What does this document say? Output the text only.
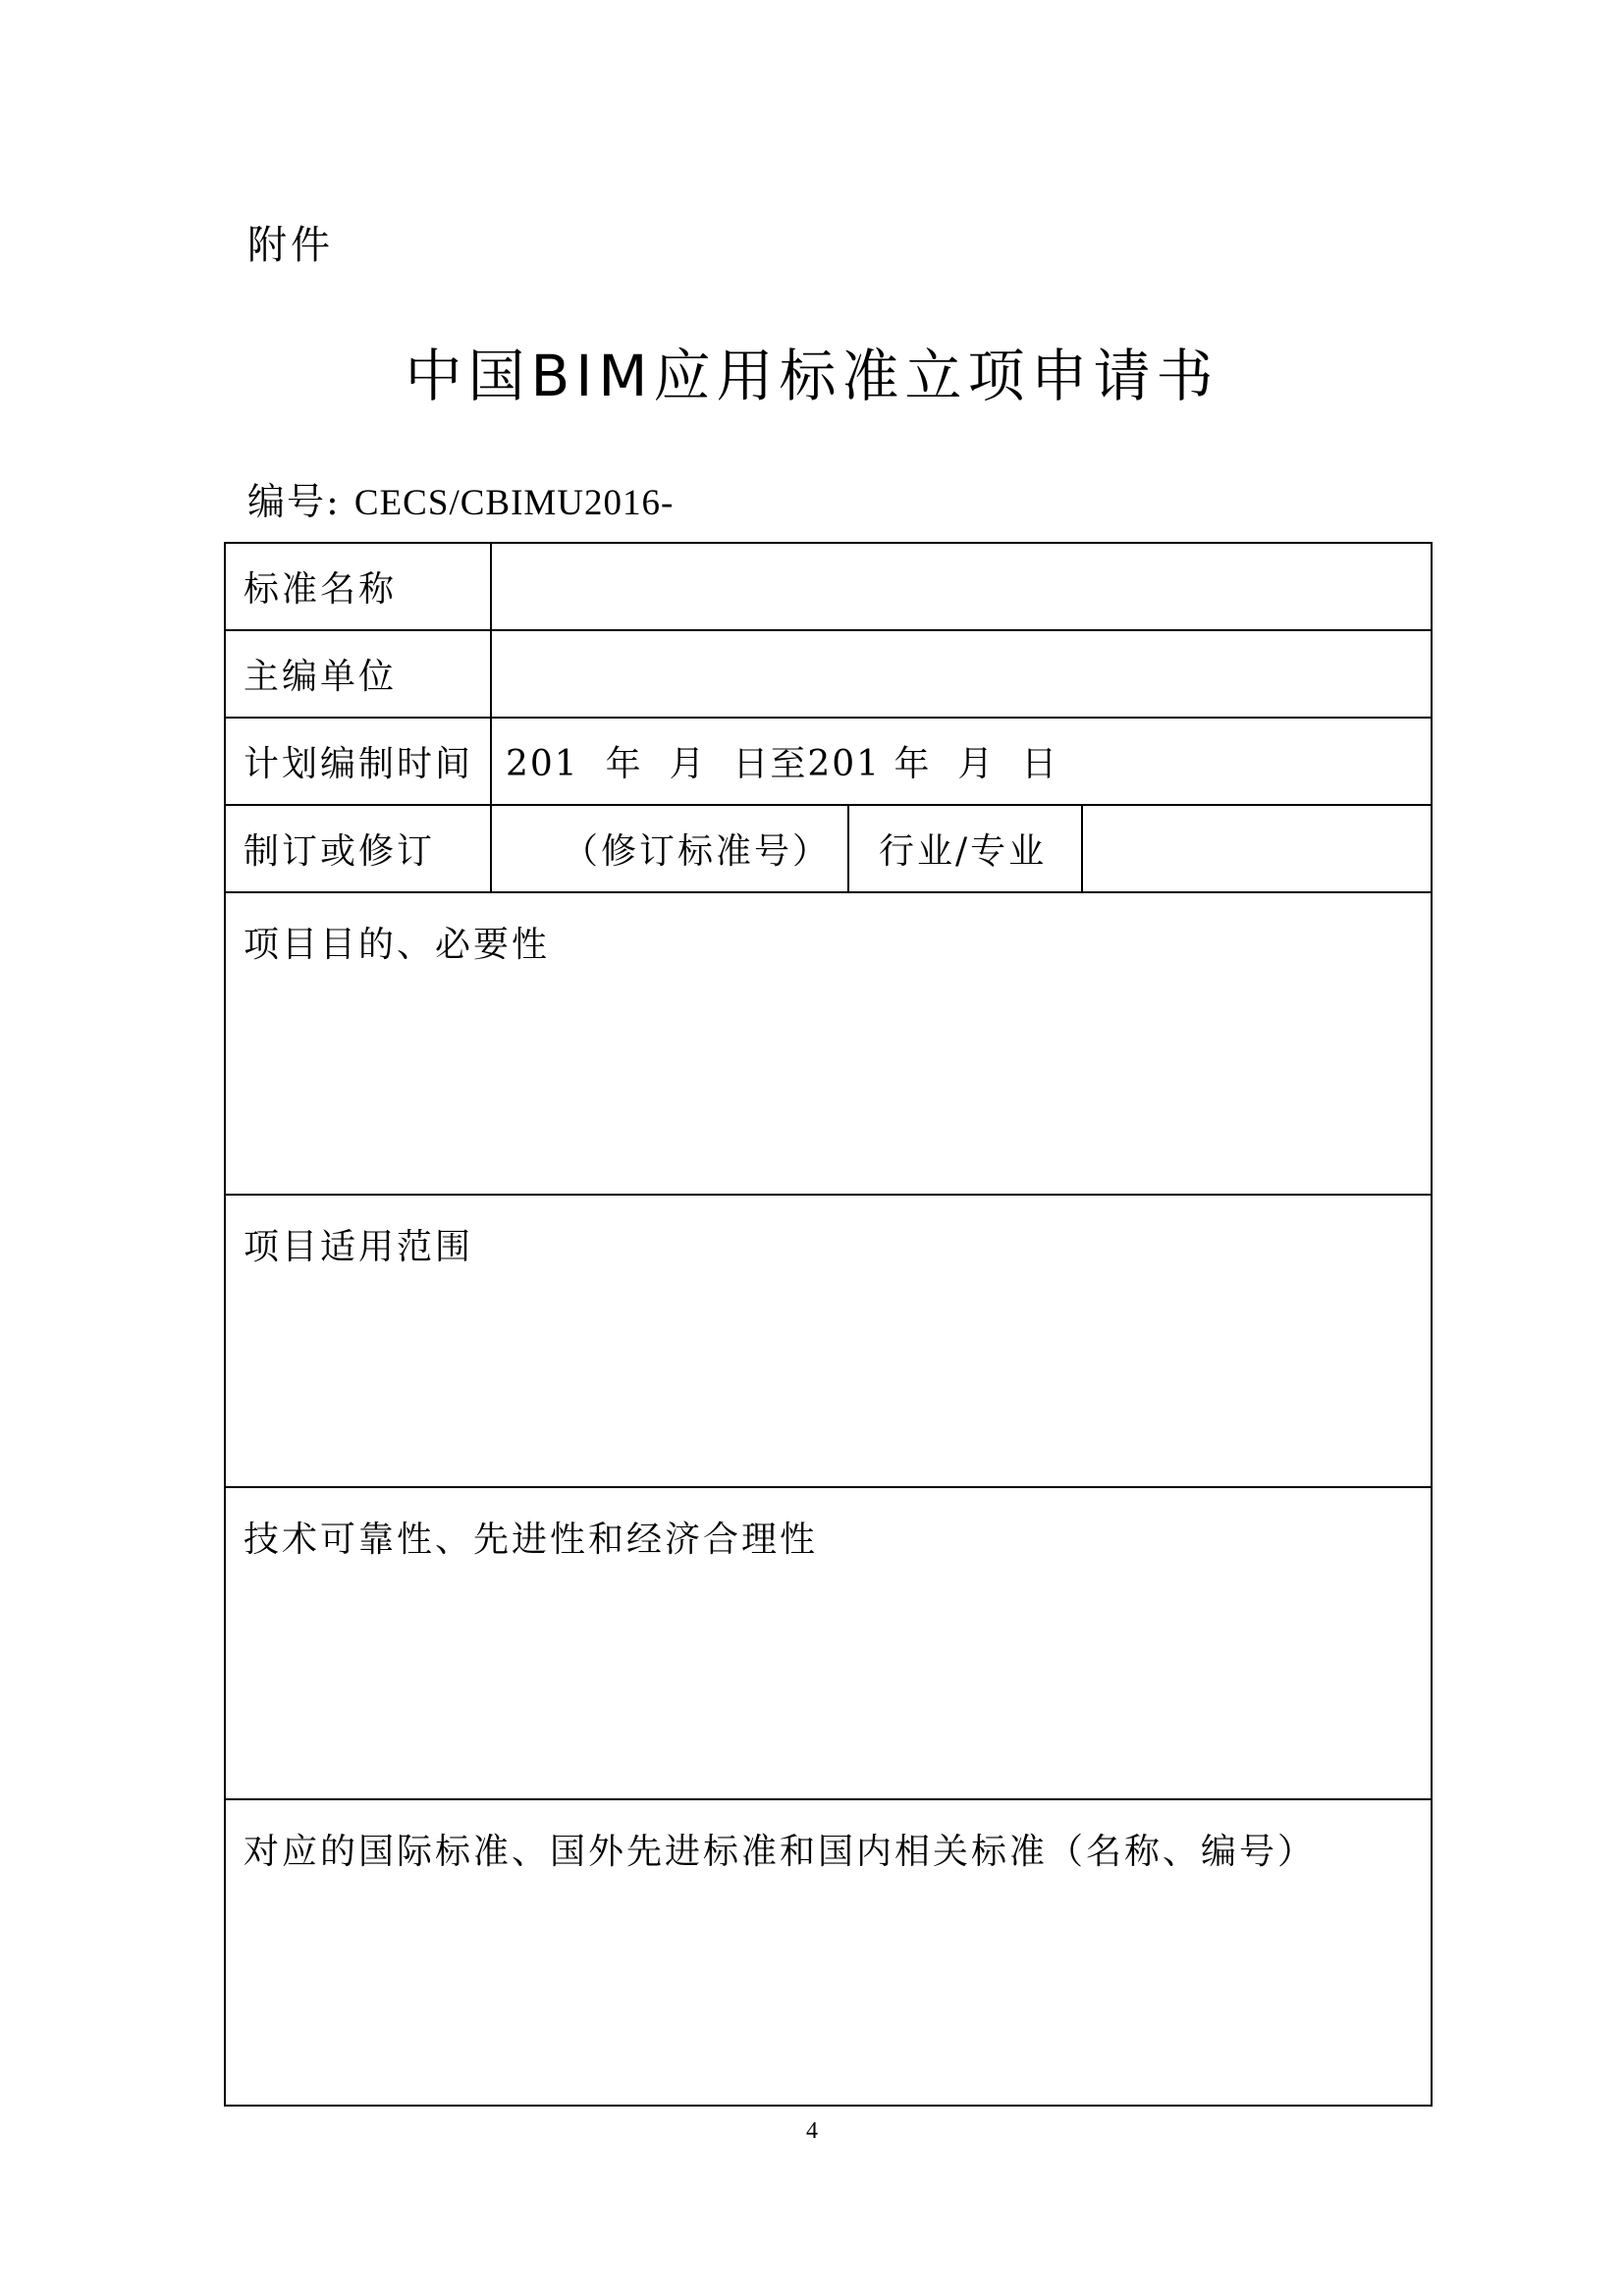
附件
中国BIM应用标准立项申请书
编号: CECS/CBIMU2016-
标准名称
主编单位
计划编制时间 201  年  月  日至201 年  月  日
制订或修订	（修订标准号） 行业/专业
项目目的、必要性
项目适用范围
技术可靠性、先进性和经济合理性
对应的国际标准、国外先进标准和国内相关标准（名称、编号）
4
